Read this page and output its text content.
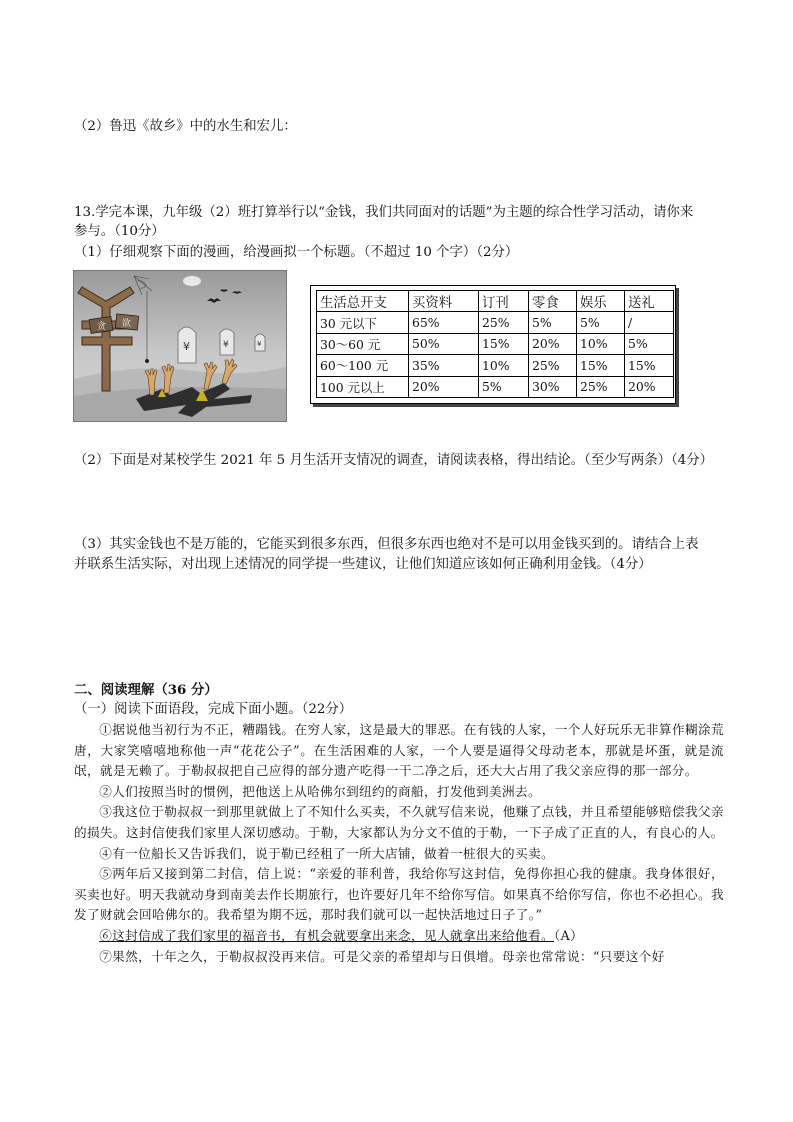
（2）鲁迅《故乡》中的水生和宏儿：
13.学完本课，九年级（2）班打算举行以“金钱，我们共同面对的话题”为主题的综合性学习活动，请你来
参与。（10分）
（1）仔细观察下面的漫画，给漫画拟一个标题。（不超过 10 个字）（2分）
贪 欲
¥	¥	¥
生活总开支	买资料	订刊	零食	娱乐	送礼
30 元以下	65%	25%	5%	5%	/
30～60 元	50%	15%	20%	10%	5%
60～100 元	35%	10%	25%	15%	15%
100 元以上	20%	5%	30%	25%	20%
（2）下面是对某校学生 2021 年 5 月生活开支情况的调查，请阅读表格，得出结论。（至少写两条）（4分）
（3）其实金钱也不是万能的，它能买到很多东西，但很多东西也绝对不是可以用金钱买到的。请结合上表
并联系生活实际，对出现上述情况的同学提一些建议，让他们知道应该如何正确利用金钱。（4分）
二、阅读理解（36 分）
（一）阅读下面语段，完成下面小题。（22分）

①据说他当初行为不正，糟蹋钱。在穷人家，这是最大的罪恶。在有钱的人家，一个人好玩乐无非算作糊涂荒唐，大家笑嘻嘻地称他一声“花花公子”。在生活困难的人家，一个人要是逼得父母动老本，那就是坏蛋，就是流氓，就是无赖了。于勒叔叔把自己应得的部分遗产吃得一干二净之后，还大大占用了我父亲应得的那一部分。

②人们按照当时的惯例，把他送上从哈佛尔到纽约的商船，打发他到美洲去。

③我这位于勒叔叔一到那里就做上了不知什么买卖，不久就写信来说，他赚了点钱，并且希望能够赔偿我父亲的损失。这封信使我们家里人深切感动。于勒，大家都认为分文不值的于勒，一下子成了正直的人，有良心的人。

④有一位船长又告诉我们，说于勒已经租了一所大店铺，做着一桩很大的买卖。

⑤两年后又接到第二封信，信上说：“亲爱的菲利普，我给你写这封信，免得你担心我的健康。我身体很好，买卖也好。明天我就动身到南美去作长期旅行，也许要好几年不给你写信。如果真不给你写信，你也不必担心。我发了财就会回哈佛尔的。我希望为期不远，那时我们就可以一起快活地过日子了。”

⑥这封信成了我们家里的福音书，有机会就要拿出来念，见人就拿出来给他看。（A）

⑦果然，十年之久，于勒叔叔没再来信。可是父亲的希望却与日俱增。母亲也常常说：“只要这个好
